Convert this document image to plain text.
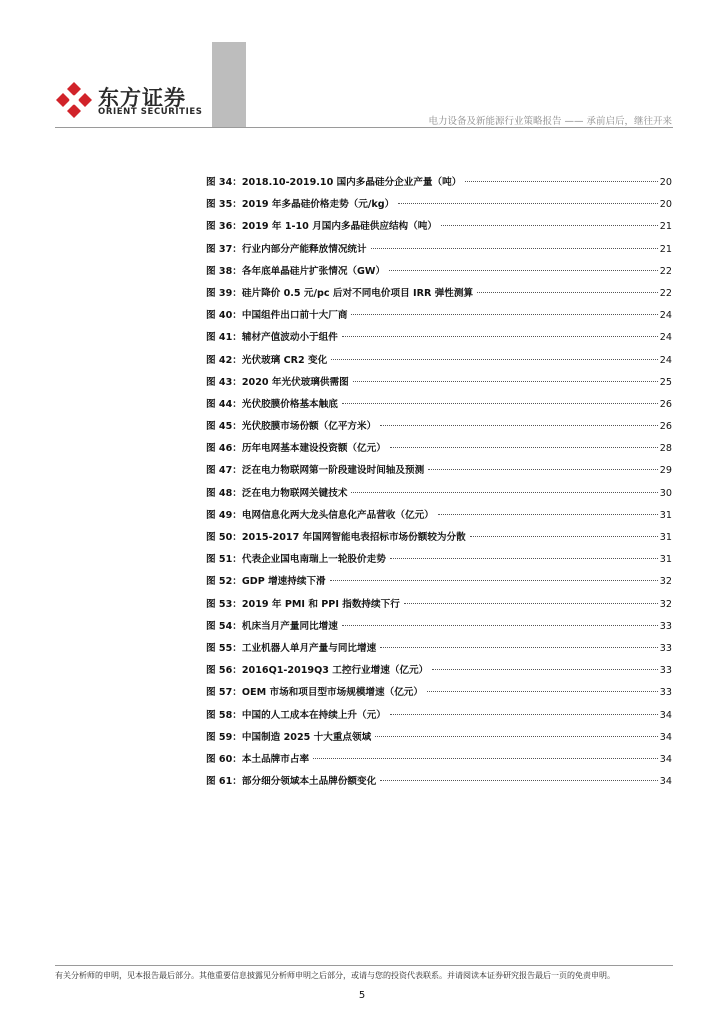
东方证券
ORIENT SECURITIES
电力设备及新能源行业策略报告 —— 承前启后，继往开来
图 34：2018.10-2019.10 国内多晶硅分企业产量（吨）	20
图 35：2019 年多晶硅价格走势（元/kg）	20
图 36：2019 年 1-10 月国内多晶硅供应结构（吨）	21
图 37：行业内部分产能释放情况统计	21
图 38：各年底单晶硅片扩张情况（GW）	22
图 39：硅片降价 0.5 元/pc 后对不同电价项目 IRR 弹性测算	22
图 40：中国组件出口前十大厂商	24
图 41：辅材产值波动小于组件	24
图 42：光伏玻璃 CR2 变化	24
图 43：2020 年光伏玻璃供需图	25
图 44：光伏胶膜价格基本触底	26
图 45：光伏胶膜市场份额（亿平方米）	26
图 46：历年电网基本建设投资额（亿元）	28
图 47：泛在电力物联网第一阶段建设时间轴及预测	29
图 48：泛在电力物联网关键技术	30
图 49：电网信息化两大龙头信息化产品营收（亿元）	31
图 50：2015-2017 年国网智能电表招标市场份额较为分散	31
图 51：代表企业国电南瑞上一轮股价走势	31
图 52：GDP 增速持续下滑	32
图 53：2019 年 PMI 和 PPI 指数持续下行	32
图 54：机床当月产量同比增速	33
图 55：工业机器人单月产量与同比增速	33
图 56：2016Q1-2019Q3 工控行业增速（亿元）	33
图 57：OEM 市场和项目型市场规模增速（亿元）	33
图 58：中国的人工成本在持续上升（元）	34
图 59：中国制造 2025 十大重点领域	34
图 60：本土品牌市占率	34
图 61：部分细分领域本土品牌份额变化	34
有关分析师的申明，见本报告最后部分。其他重要信息披露见分析师申明之后部分，或请与您的投资代表联系。并请阅读本证券研究报告最后一页的免责申明。
5
